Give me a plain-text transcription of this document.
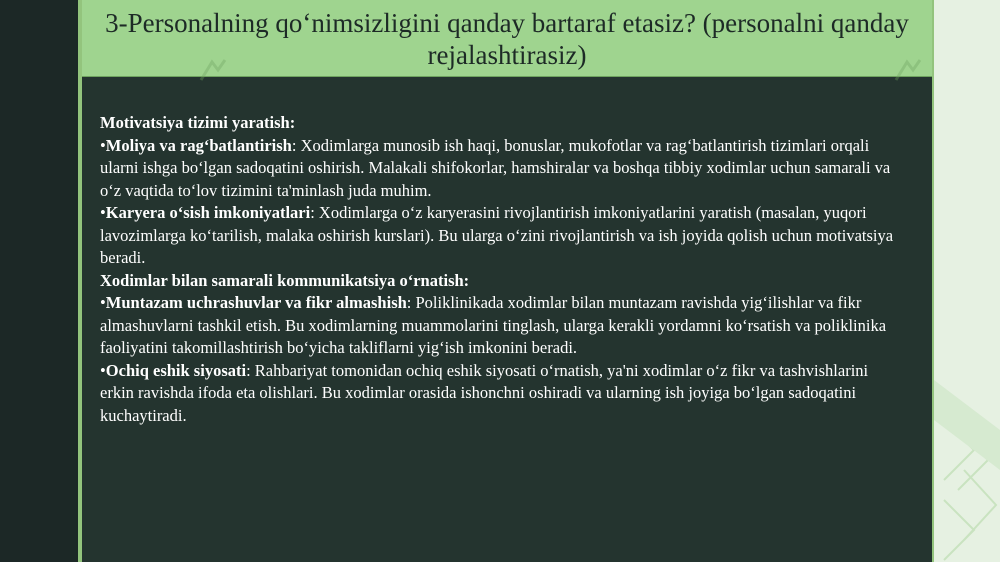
3-Personalning qo‘nimsizligini qanday bartaraf etasiz? (personalni qanday rejalashtirasiz)

Motivatsiya tizimi yaratish:

•Moliya va rag‘batlantirish: Xodimlarga munosib ish haqi, bonuslar, mukofotlar va rag‘batlantirish tizimlari orqali ularni ishga bo‘lgan sadoqatini oshirish. Malakali shifokorlar, hamshiralar va boshqa tibbiy xodimlar uchun samarali va o‘z vaqtida to‘lov tizimini ta'minlash juda muhim.

•Karyera o‘sish imkoniyatlari: Xodimlarga o‘z karyerasini rivojlantirish imkoniyatlarini yaratish (masalan, yuqori lavozimlarga ko‘tarilish, malaka oshirish kurslari). Bu ularga o‘zini rivojlantirish va ish joyida qolish uchun motivatsiya beradi.

Xodimlar bilan samarali kommunikatsiya o‘rnatish:

•Muntazam uchrashuvlar va fikr almashish: Poliklinikada xodimlar bilan muntazam ravishda yig‘ilishlar va fikr almashuvlarni tashkil etish. Bu xodimlarning muammolarini tinglash, ularga kerakli yordamni ko‘rsatish va poliklinika faoliyatini takomillashtirish bo‘yicha takliflarni yig‘ish imkonini beradi.

•Ochiq eshik siyosati: Rahbariyat tomonidan ochiq eshik siyosati o‘rnatish, ya'ni xodimlar o‘z fikr va tashvishlarini erkin ravishda ifoda eta olishlari. Bu xodimlar orasida ishonchni oshiradi va ularning ish joyiga bo‘lgan sadoqatini kuchaytiradi.
